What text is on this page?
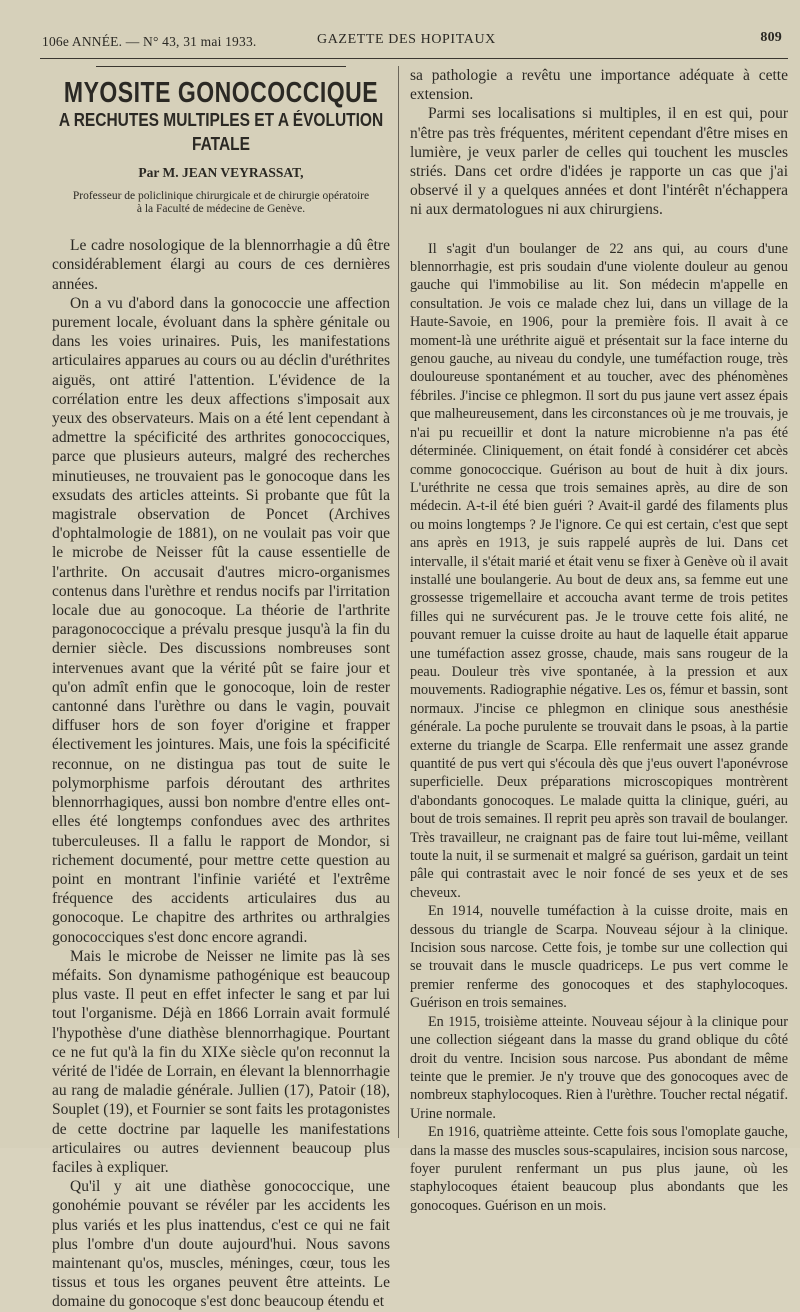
106e ANNÉE. — N° 43, 31 mai 1933.	GAZETTE DES HOPITAUX	809
MYOSITE GONOCOCCIQUE
A RECHUTES MULTIPLES ET A ÉVOLUTION FATALE
Par M. JEAN VEYRASSAT,
Professeur de policlinique chirurgicale et de chirurgie opératoire
à la Faculté de médecine de Genève.

Le cadre nosologique de la blennorrhagie a dû être considérablement élargi au cours de ces dernières années.

On a vu d'abord dans la gonococcie une affection purement locale, évoluant dans la sphère génitale ou dans les voies urinaires. Puis, les manifestations articulaires apparues au cours ou au déclin d'uréthrites aiguës, ont attiré l'attention. L'évidence de la corrélation entre les deux affections s'imposait aux yeux des observateurs. Mais on a été lent cependant à admettre la spécificité des arthrites gonococciques, parce que plusieurs auteurs, malgré des recherches minutieuses, ne trouvaient pas le gonocoque dans les exsudats des articles atteints. Si probante que fût la magistrale observation de Poncet (Archives d'ophtalmologie de 1881), on ne voulait pas voir que le microbe de Neisser fût la cause essentielle de l'arthrite. On accusait d'autres micro-organismes contenus dans l'urèthre et rendus nocifs par l'irritation locale due au gonocoque. La théorie de l'arthrite paragonococcique a prévalu presque jusqu'à la fin du dernier siècle. Des discussions nombreuses sont intervenues avant que la vérité pût se faire jour et qu'on admît enfin que le gonocoque, loin de rester cantonné dans l'urèthre ou dans le vagin, pouvait diffuser hors de son foyer d'origine et frapper électivement les jointures. Mais, une fois la spécificité reconnue, on ne distingua pas tout de suite le polymorphisme parfois déroutant des arthrites blennorrhagiques, aussi bon nombre d'entre elles ont-elles été longtemps confondues avec des arthrites tuberculeuses. Il a fallu le rapport de Mondor, si richement documenté, pour mettre cette question au point en montrant l'infinie variété et l'extrême fréquence des accidents articulaires dus au gonocoque. Le chapitre des arthrites ou arthralgies gonococciques s'est donc encore agrandi.

Mais le microbe de Neisser ne limite pas là ses méfaits. Son dynamisme pathogénique est beaucoup plus vaste. Il peut en effet infecter le sang et par lui tout l'organisme. Déjà en 1866 Lorrain avait formulé l'hypothèse d'une diathèse blennorrhagique. Pourtant ce ne fut qu'à la fin du XIXe siècle qu'on reconnut la vérité de l'idée de Lorrain, en élevant la blennorrhagie au rang de maladie générale. Jullien (17), Patoir (18), Souplet (19), et Fournier se sont faits les protagonistes de cette doctrine par laquelle les manifestations articulaires ou autres deviennent beaucoup plus faciles à expliquer.

Qu'il y ait une diathèse gonococcique, une gonohémie pouvant se révéler par les accidents les plus variés et les plus inattendus, c'est ce qui ne fait plus l'ombre d'un doute aujourd'hui. Nous savons maintenant qu'os, muscles, méninges, cœur, tous les tissus et tous les organes peuvent être atteints. Le domaine du gonocoque s'est donc beaucoup étendu et

sa pathologie a revêtu une importance adéquate à cette extension.

Parmi ses localisations si multiples, il en est qui, pour n'être pas très fréquentes, méritent cependant d'être mises en lumière, je veux parler de celles qui touchent les muscles striés. Dans cet ordre d'idées je rapporte un cas que j'ai observé il y a quelques années et dont l'intérêt n'échappera ni aux dermatologues ni aux chirurgiens.

Il s'agit d'un boulanger de 22 ans qui, au cours d'une blennorrhagie, est pris soudain d'une violente douleur au genou gauche qui l'immobilise au lit. Son médecin m'appelle en consultation. Je vois ce malade chez lui, dans un village de la Haute-Savoie, en 1906, pour la première fois. Il avait à ce moment-là une uréthrite aiguë et présentait sur la face interne du genou gauche, au niveau du condyle, une tuméfaction rouge, très douloureuse spontanément et au toucher, avec des phénomènes fébriles. J'incise ce phlegmon. Il sort du pus jaune vert assez épais que malheureusement, dans les circonstances où je me trouvais, je n'ai pu recueillir et dont la nature microbienne n'a pas été déterminée. Cliniquement, on était fondé à considérer cet abcès comme gonococcique. Guérison au bout de huit à dix jours. L'uréthrite ne cessa que trois semaines après, au dire de son médecin. A-t-il été bien guéri ? Avait-il gardé des filaments plus ou moins longtemps ? Je l'ignore. Ce qui est certain, c'est que sept ans après en 1913, je suis rappelé auprès de lui. Dans cet intervalle, il s'était marié et était venu se fixer à Genève où il avait installé une boulangerie. Au bout de deux ans, sa femme eut une grossesse trigemellaire et accoucha avant terme de trois petites filles qui ne survécurent pas. Je le trouve cette fois alité, ne pouvant remuer la cuisse droite au haut de laquelle était apparue une tuméfaction assez grosse, chaude, mais sans rougeur de la peau. Douleur très vive spontanée, à la pression et aux mouvements. Radiographie négative. Les os, fémur et bassin, sont normaux. J'incise ce phlegmon en clinique sous anesthésie générale. La poche purulente se trouvait dans le psoas, à la partie externe du triangle de Scarpa. Elle renfermait une assez grande quantité de pus vert qui s'écoula dès que j'eus ouvert l'aponévrose superficielle. Deux préparations microscopiques montrèrent d'abondants gonocoques. Le malade quitta la clinique, guéri, au bout de trois semaines. Il reprit peu après son travail de boulanger. Très travailleur, ne craignant pas de faire tout lui-même, veillant toute la nuit, il se surmenait et malgré sa guérison, gardait un teint pâle qui contrastait avec le noir foncé de ses yeux et de ses cheveux.

En 1914, nouvelle tuméfaction à la cuisse droite, mais en dessous du triangle de Scarpa. Nouveau séjour à la clinique. Incision sous narcose. Cette fois, je tombe sur une collection qui se trouvait dans le muscle quadriceps. Le pus vert comme le premier renferme des gonocoques et des staphylocoques. Guérison en trois semaines.

En 1915, troisième atteinte. Nouveau séjour à la clinique pour une collection siégeant dans la masse du grand oblique du côté droit du ventre. Incision sous narcose. Pus abondant de même teinte que le premier. Je n'y trouve que des gonocoques avec de nombreux staphylocoques. Rien à l'urèthre. Toucher rectal négatif. Urine normale.

En 1916, quatrième atteinte. Cette fois sous l'omoplate gauche, dans la masse des muscles sous-scapulaires, incision sous narcose, foyer purulent renfermant un pus plus jaune, où les staphylocoques étaient beaucoup plus abondants que les gonocoques. Guérison en un mois.
